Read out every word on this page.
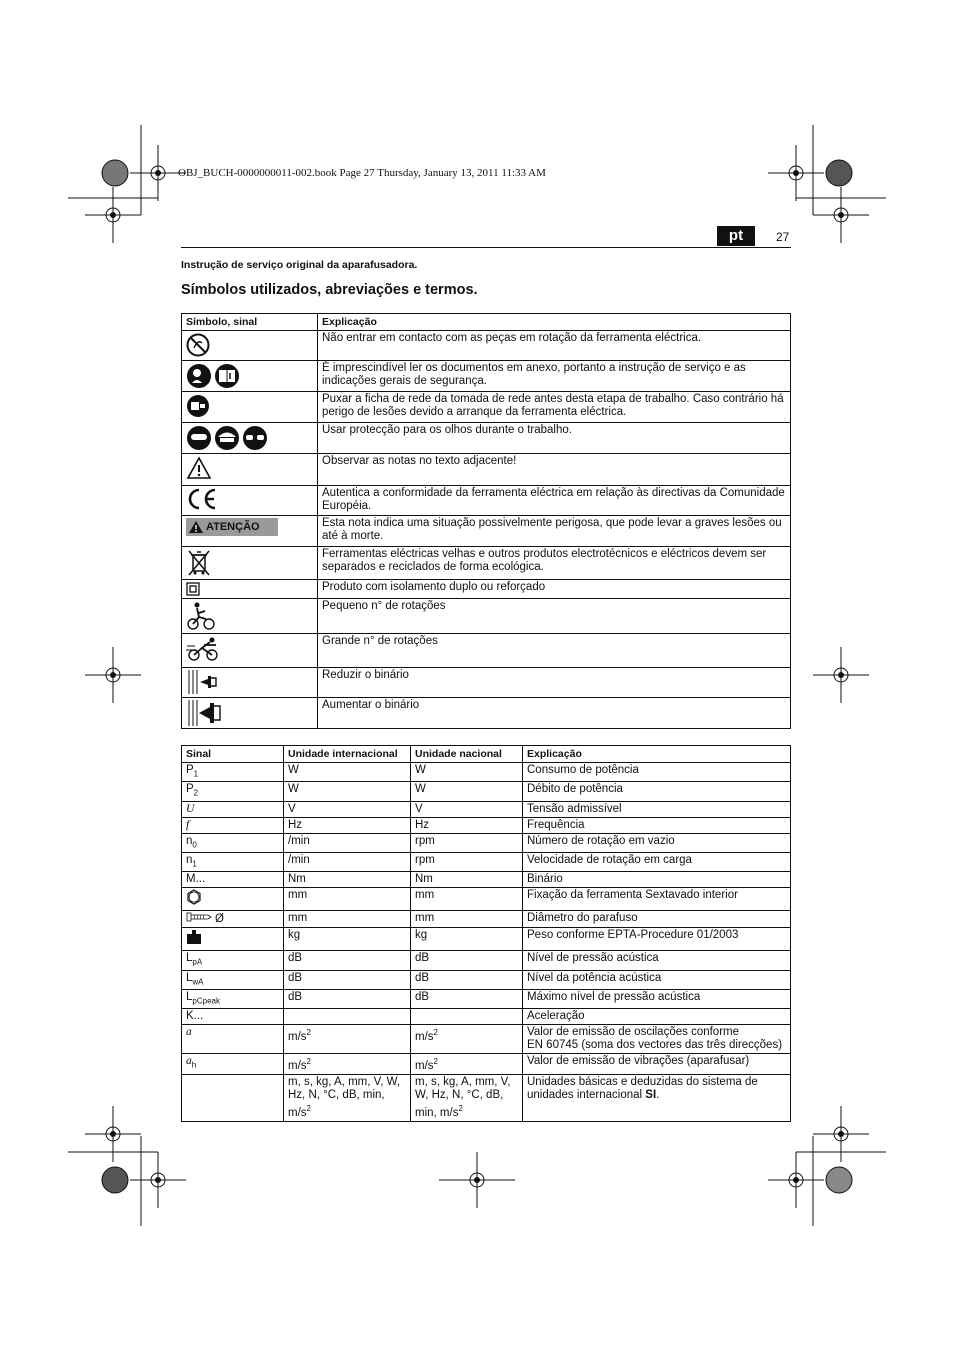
OBJ_BUCH-0000000011-002.book Page 27 Thursday, January 13, 2011 11:33 AM
pt	27
Instrução de serviço original da aparafusadora.
Símbolos utilizados, abreviações e termos.
Símbolo, sinal	Explicação
	Não entrar em contacto com as peças em rotação da ferramenta eléctrica.
	É imprescindível ler os documentos em anexo, portanto a instrução de serviço e as indicações gerais de segurança.
	Puxar a ficha de rede da tomada de rede antes desta etapa de trabalho. Caso contrário há perigo de lesões devido a arranque da ferramenta eléctrica.
	Usar protecção para os olhos durante o trabalho.
	Observar as notas no texto adjacente!
	Autentica a conformidade da ferramenta eléctrica em relação às directivas da Comunidade Européia.

ATENÇÃO	Esta nota indica uma situação possivelmente perigosa, que pode levar a graves lesões ou até à morte.
	Ferramentas eléctricas velhas e outros produtos electrotécnicos e eléctricos devem ser separados e reciclados de forma ecológica.
	Produto com isolamento duplo ou reforçado
	Pequeno n° de rotações
	Grande n° de rotações
	Reduzir o binário
	Aumentar o binário
Sinal	Unidade internacional	Unidade nacional	Explicação
$P_1$	W	W	Consumo de potência
$P_2$	W	W	Débito de potência
U	V	V	Tensão admissível
f	Hz	Hz	Frequência
$n_0$	/min	rpm	Número de rotação em vazio
$n_1$	/min	rpm	Velocidade de rotação em carga
M...	Nm	Nm	Binário
	mm	mm	Fixação da ferramenta Sextavado interior
Ø	mm	mm	Diâmetro do parafuso
	kg	kg	Peso conforme EPTA-Procedure 01/2003
$L_{pA}$	dB	dB	Nível de pressão acústica
$L_{wA}$	dB	dB	Nível da potência acústica
$L_{pCpeak}$	dB	dB	Máximo nível de pressão acústica
K...			Aceleração
a	$m/s^2$	$m/s^2$	Valor de emissão de oscilações conforme
EN 60745 (soma dos vectores das três direcções)
$a_h$	$m/s^2$	$m/s^2$	Valor de emissão de vibrações (aparafusar)
	m, s, kg, A, mm, V, W, Hz, N, °C, dB, min, $m/s^2$	m, s, kg, A, mm, V, W, Hz, N, °C, dB, min, $m/s^2$	Unidades básicas e deduzidas do sistema de unidades internacional SI.
